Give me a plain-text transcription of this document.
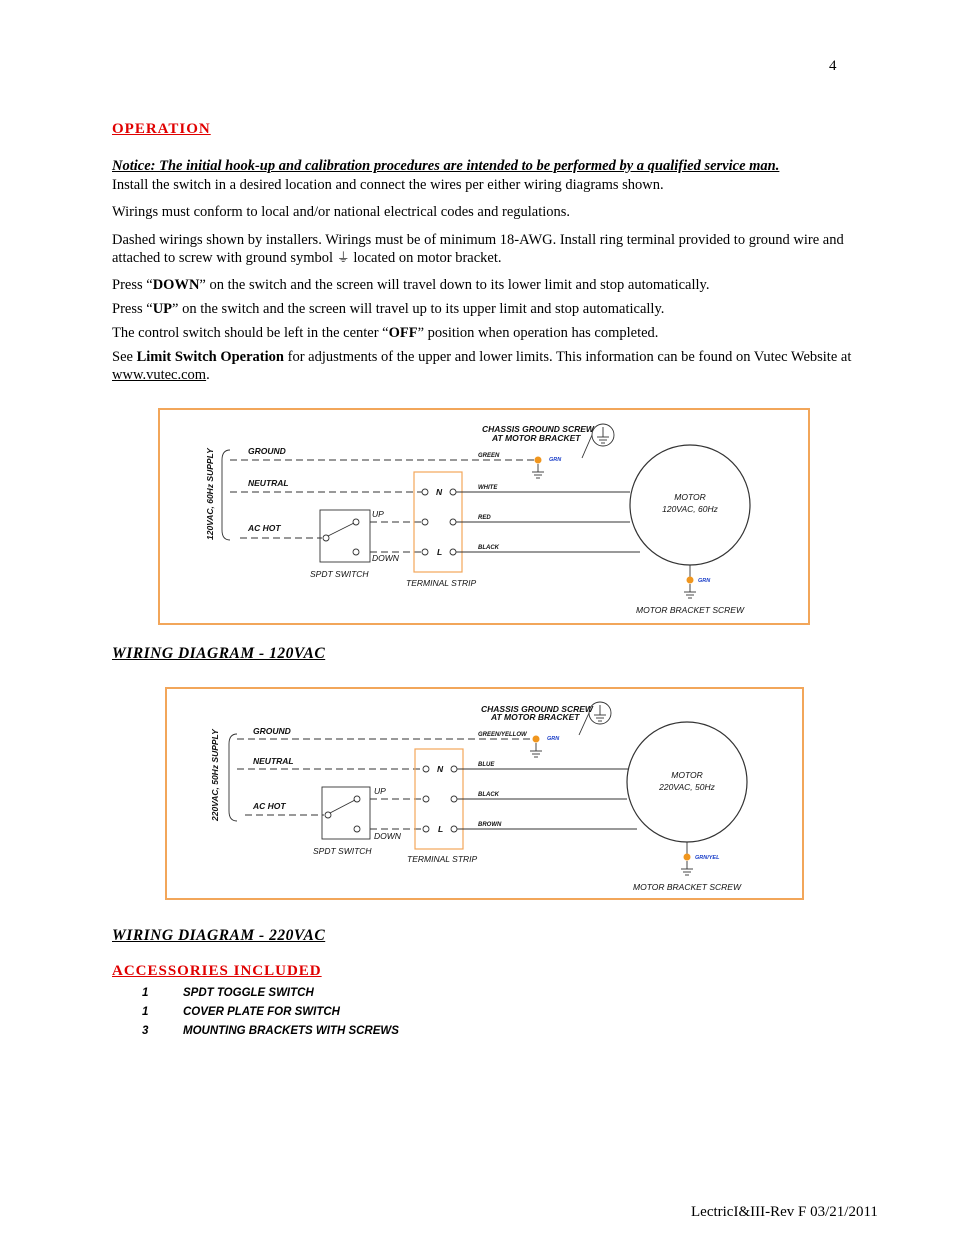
4
OPERATION
Notice: The initial hook-up and calibration procedures are intended to be performed by a qualified service man.
Install the switch in a desired location and connect the wires per either wiring diagrams shown.
Wirings must conform to local and/or national electrical codes and regulations.
Dashed wirings shown by installers. Wirings must be of minimum 18-AWG. Install ring terminal provided to ground wire and attached to screw with ground symbol ⏚ located on motor bracket.
Press “DOWN” on the switch and the screen will travel down to its lower limit and stop automatically.
Press “UP” on the switch and the screen will travel up to its upper limit and stop automatically.
The control switch should be left in the center “OFF” position when operation has completed.
See Limit Switch Operation for adjustments of the upper and lower limits. This information can be found on Vutec Website at www.vutec.com.
120VAC, 60Hz SUPPLY
CHASSIS GROUND SCREW
AT MOTOR BRACKET
GROUND	GREEN
GRN
NEUTRAL
AC HOT
UP
DOWN
SPDT SWITCH
N
L
TERMINAL STRIP
WHITE
RED
BLACK
MOTOR
120VAC, 60Hz
GRN
MOTOR BRACKET SCREW
WIRING DIAGRAM - 120VAC
220VAC, 50Hz SUPPLY
CHASSIS GROUND SCREW
AT MOTOR BRACKET
GROUND	GREEN/YELLOW
GRN
NEUTRAL
AC HOT
UP
DOWN
SPDT SWITCH
N
L
TERMINAL STRIP
BLUE
BLACK
BROWN
MOTOR
220VAC, 50Hz
GRN/YEL
MOTOR BRACKET SCREW
WIRING DIAGRAM - 220VAC
ACCESSORIES INCLUDED
1	SPDT TOGGLE SWITCH
1	COVER PLATE FOR SWITCH
3	MOUNTING BRACKETS WITH SCREWS
LectricI&III-Rev F 03/21/2011
